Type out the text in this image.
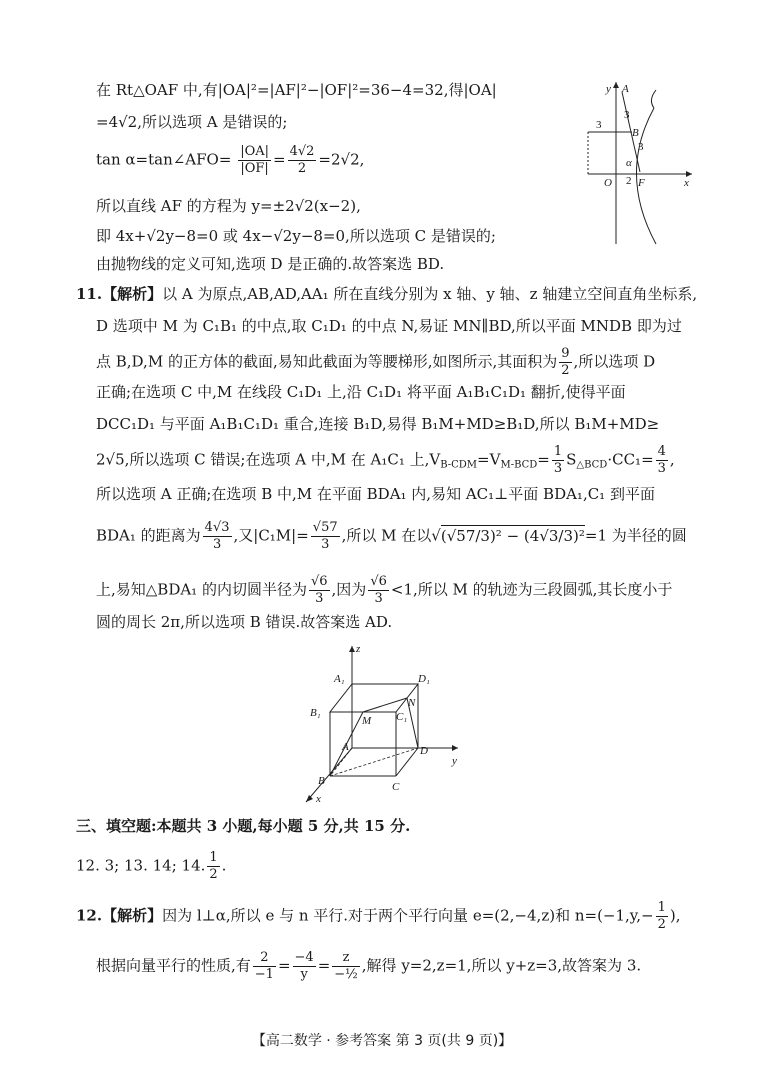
在 Rt△OAF 中,有|OA|²=|AF|²−|OF|²=36−4=32,得|OA|
=4√2,所以选项 A 是错误的;
tan α=tan∠AFO= $\frac{|OA|}{|OF|} = \frac{4√2}{2} =2√2$,
所以直线 AF 的方程为 y=±2√2(x−2),
即 4x+√2y−8=0 或 4x−√2y−8=0,所以选项 C 是错误的;
由抛物线的定义可知,选项 D 是正确的.故答案选 BD.
y A
3
3
B
3
α
O 2 F	x
11.【解析】以 A 为原点,AB,AD,AA₁ 所在直线分别为 x 轴、y 轴、z 轴建立空间直角坐标系,
D 选项中 M 为 C₁B₁ 的中点,取 C₁D₁ 的中点 N,易证 MN∥BD,所以平面 MNDB 即为过
点 B,D,M 的正方体的截面,易知此截面为等腰梯形,如图所示,其面积为 $\frac{9}{2}$ ,所以选项 D
正确;在选项 C 中,M 在线段 C₁D₁ 上,沿 C₁D₁ 将平面 A₁B₁C₁D₁ 翻折,使得平面
DCC₁D₁ 与平面 A₁B₁C₁D₁ 重合,连接 B₁D,易得 B₁M+MD≥B₁D,所以 B₁M+MD≥
2√5,所以选项 C 错误;在选项 A 中,M 在 A₁C₁ 上$,V_{B-CDM}=V_{M-BCD}= \frac{1}{3} S_{\triangle BCD}\cdot CC_1= \frac{4}{3}$ ,
所以选项 A 正确;在选项 B 中,M 在平面 BDA₁ 内,易知 AC₁⊥平面 BDA₁,C₁ 到平面
BDA₁ 的距离为 $\frac{4√3}{3}$ ,又$|C_1M|= \frac{√57}{3}$ ,所以 M 在以√(√57/3)² − (4√3/3)²=1 为半径的圆
上,易知△BDA₁ 的内切圆半径为 $\frac{√6}{3}$ ,因为 $\frac{√6}{3} <1$,所以 M 的轨迹为三段圆弧,其长度小于
圆的周长 2π,所以选项 B 错误.故答案选 AD.
z
A₁	D₁
B₁
M C₁
N
A	D
y
B	C
x
三、填空题:本题共 3 小题,每小题 5 分,共 15 分.
12. 3; 13. 14; 14. $\frac{1}{2}$ .
12.【解析】因为 l⊥α,所以 e 与 n 平行.对于两个平行向量 e=(2,−4,z)和 $n=(-1,y,- \frac{1}{2}$ ),
根据向量平行的性质,有 $\frac{2}{-1} = \frac{-4}{y} = \frac{z}{\text{−½}}$ ,解得 y=2,z=1,所以 y+z=3,故答案为 3.
【高二数学 · 参考答案 第 3 页(共 9 页)】
